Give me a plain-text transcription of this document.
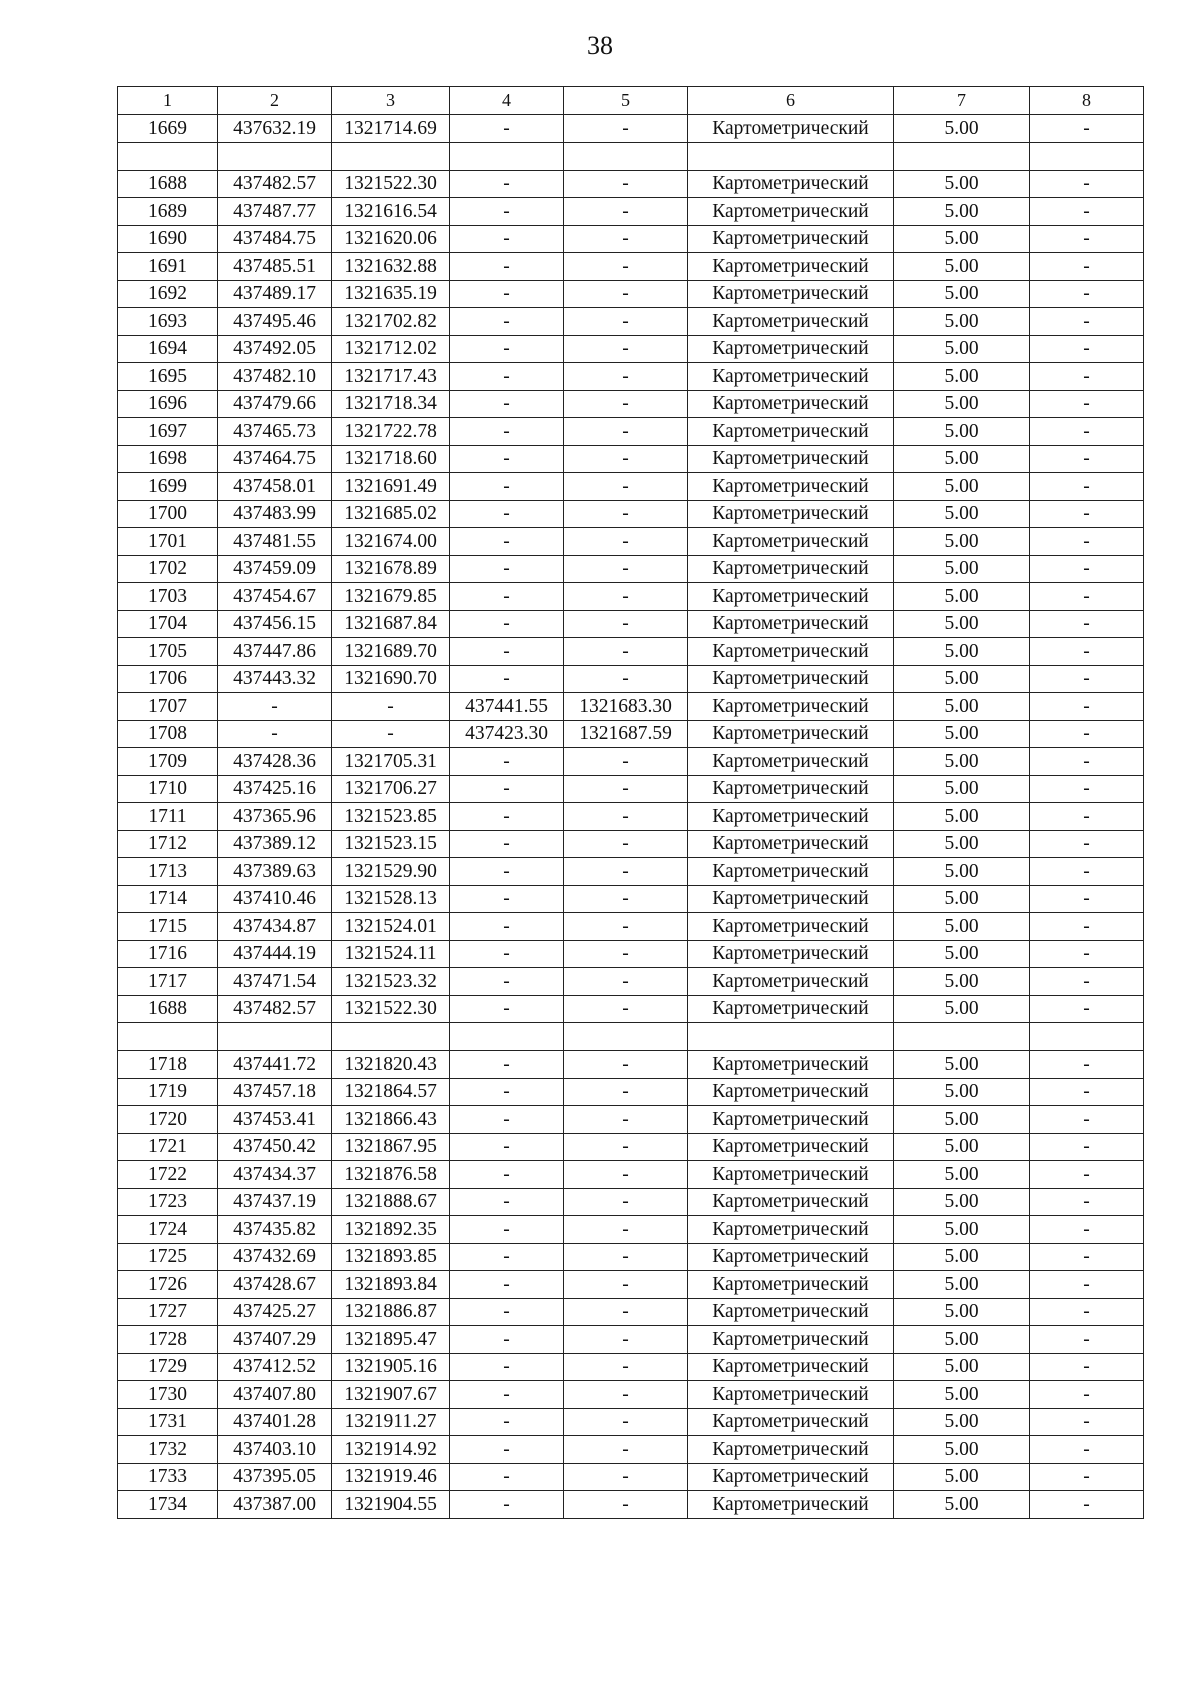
38
1	2	3	4	5	6	7	8
1669	437632.19	1321714.69	-	-	Картометрический	5.00	-

1688	437482.57	1321522.30	-	-	Картометрический	5.00	-
1689	437487.77	1321616.54	-	-	Картометрический	5.00	-
1690	437484.75	1321620.06	-	-	Картометрический	5.00	-
1691	437485.51	1321632.88	-	-	Картометрический	5.00	-
1692	437489.17	1321635.19	-	-	Картометрический	5.00	-
1693	437495.46	1321702.82	-	-	Картометрический	5.00	-
1694	437492.05	1321712.02	-	-	Картометрический	5.00	-
1695	437482.10	1321717.43	-	-	Картометрический	5.00	-
1696	437479.66	1321718.34	-	-	Картометрический	5.00	-
1697	437465.73	1321722.78	-	-	Картометрический	5.00	-
1698	437464.75	1321718.60	-	-	Картометрический	5.00	-
1699	437458.01	1321691.49	-	-	Картометрический	5.00	-
1700	437483.99	1321685.02	-	-	Картометрический	5.00	-
1701	437481.55	1321674.00	-	-	Картометрический	5.00	-
1702	437459.09	1321678.89	-	-	Картометрический	5.00	-
1703	437454.67	1321679.85	-	-	Картометрический	5.00	-
1704	437456.15	1321687.84	-	-	Картометрический	5.00	-
1705	437447.86	1321689.70	-	-	Картометрический	5.00	-
1706	437443.32	1321690.70	-	-	Картометрический	5.00	-
1707	-	-	437441.55	1321683.30	Картометрический	5.00	-
1708	-	-	437423.30	1321687.59	Картометрический	5.00	-
1709	437428.36	1321705.31	-	-	Картометрический	5.00	-
1710	437425.16	1321706.27	-	-	Картометрический	5.00	-
1711	437365.96	1321523.85	-	-	Картометрический	5.00	-
1712	437389.12	1321523.15	-	-	Картометрический	5.00	-
1713	437389.63	1321529.90	-	-	Картометрический	5.00	-
1714	437410.46	1321528.13	-	-	Картометрический	5.00	-
1715	437434.87	1321524.01	-	-	Картометрический	5.00	-
1716	437444.19	1321524.11	-	-	Картометрический	5.00	-
1717	437471.54	1321523.32	-	-	Картометрический	5.00	-
1688	437482.57	1321522.30	-	-	Картометрический	5.00	-

1718	437441.72	1321820.43	-	-	Картометрический	5.00	-
1719	437457.18	1321864.57	-	-	Картометрический	5.00	-
1720	437453.41	1321866.43	-	-	Картометрический	5.00	-
1721	437450.42	1321867.95	-	-	Картометрический	5.00	-
1722	437434.37	1321876.58	-	-	Картометрический	5.00	-
1723	437437.19	1321888.67	-	-	Картометрический	5.00	-
1724	437435.82	1321892.35	-	-	Картометрический	5.00	-
1725	437432.69	1321893.85	-	-	Картометрический	5.00	-
1726	437428.67	1321893.84	-	-	Картометрический	5.00	-
1727	437425.27	1321886.87	-	-	Картометрический	5.00	-
1728	437407.29	1321895.47	-	-	Картометрический	5.00	-
1729	437412.52	1321905.16	-	-	Картометрический	5.00	-
1730	437407.80	1321907.67	-	-	Картометрический	5.00	-
1731	437401.28	1321911.27	-	-	Картометрический	5.00	-
1732	437403.10	1321914.92	-	-	Картометрический	5.00	-
1733	437395.05	1321919.46	-	-	Картометрический	5.00	-
1734	437387.00	1321904.55	-	-	Картометрический	5.00	-
